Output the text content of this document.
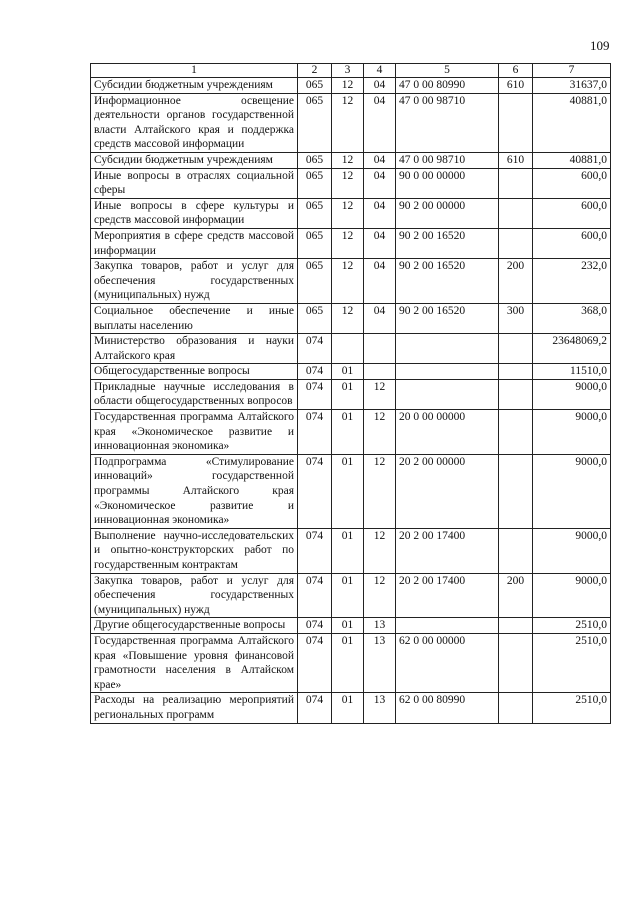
109
1	2	3	4	5	6	7
Субсидии бюджетным учреждениям	065	12	04	47 0 00 80990	610	31637,0
Информационное освещение деятельности органов государственной власти Алтайского края и поддержка средств массовой информации	065	12	04	47 0 00 98710		40881,0
Субсидии бюджетным учреждениям	065	12	04	47 0 00 98710	610	40881,0
Иные вопросы в отраслях социальной сферы	065	12	04	90 0 00 00000		600,0
Иные вопросы в сфере культуры и средств массовой информации	065	12	04	90 2 00 00000		600,0
Мероприятия в сфере средств массовой информации	065	12	04	90 2 00 16520		600,0
Закупка товаров, работ и услуг для обеспечения государственных (муниципальных) нужд	065	12	04	90 2 00 16520	200	232,0
Социальное обеспечение и иные выплаты населению	065	12	04	90 2 00 16520	300	368,0
Министерство образования и науки Алтайского края	074					23648069,2
Общегосударственные вопросы	074	01				11510,0
Прикладные научные исследования в области общегосударственных вопросов	074	01	12			9000,0
Государственная программа Алтайского края «Экономическое развитие и инновационная экономика»	074	01	12	20 0 00 00000		9000,0
Подпрограмма «Стимулирование инноваций» государственной программы Алтайского края «Экономическое развитие и инновационная экономика»	074	01	12	20 2 00 00000		9000,0
Выполнение научно-исследовательских и опытно-конструкторских работ по государственным контрактам	074	01	12	20 2 00 17400		9000,0
Закупка товаров, работ и услуг для обеспечения государственных (муниципальных) нужд	074	01	12	20 2 00 17400	200	9000,0
Другие общегосударственные вопросы	074	01	13			2510,0
Государственная программа Алтайского края «Повышение уровня финансовой грамотности населения в Алтайском крае»	074	01	13	62 0 00 00000		2510,0
Расходы на реализацию мероприятий региональных программ	074	01	13	62 0 00 80990		2510,0
